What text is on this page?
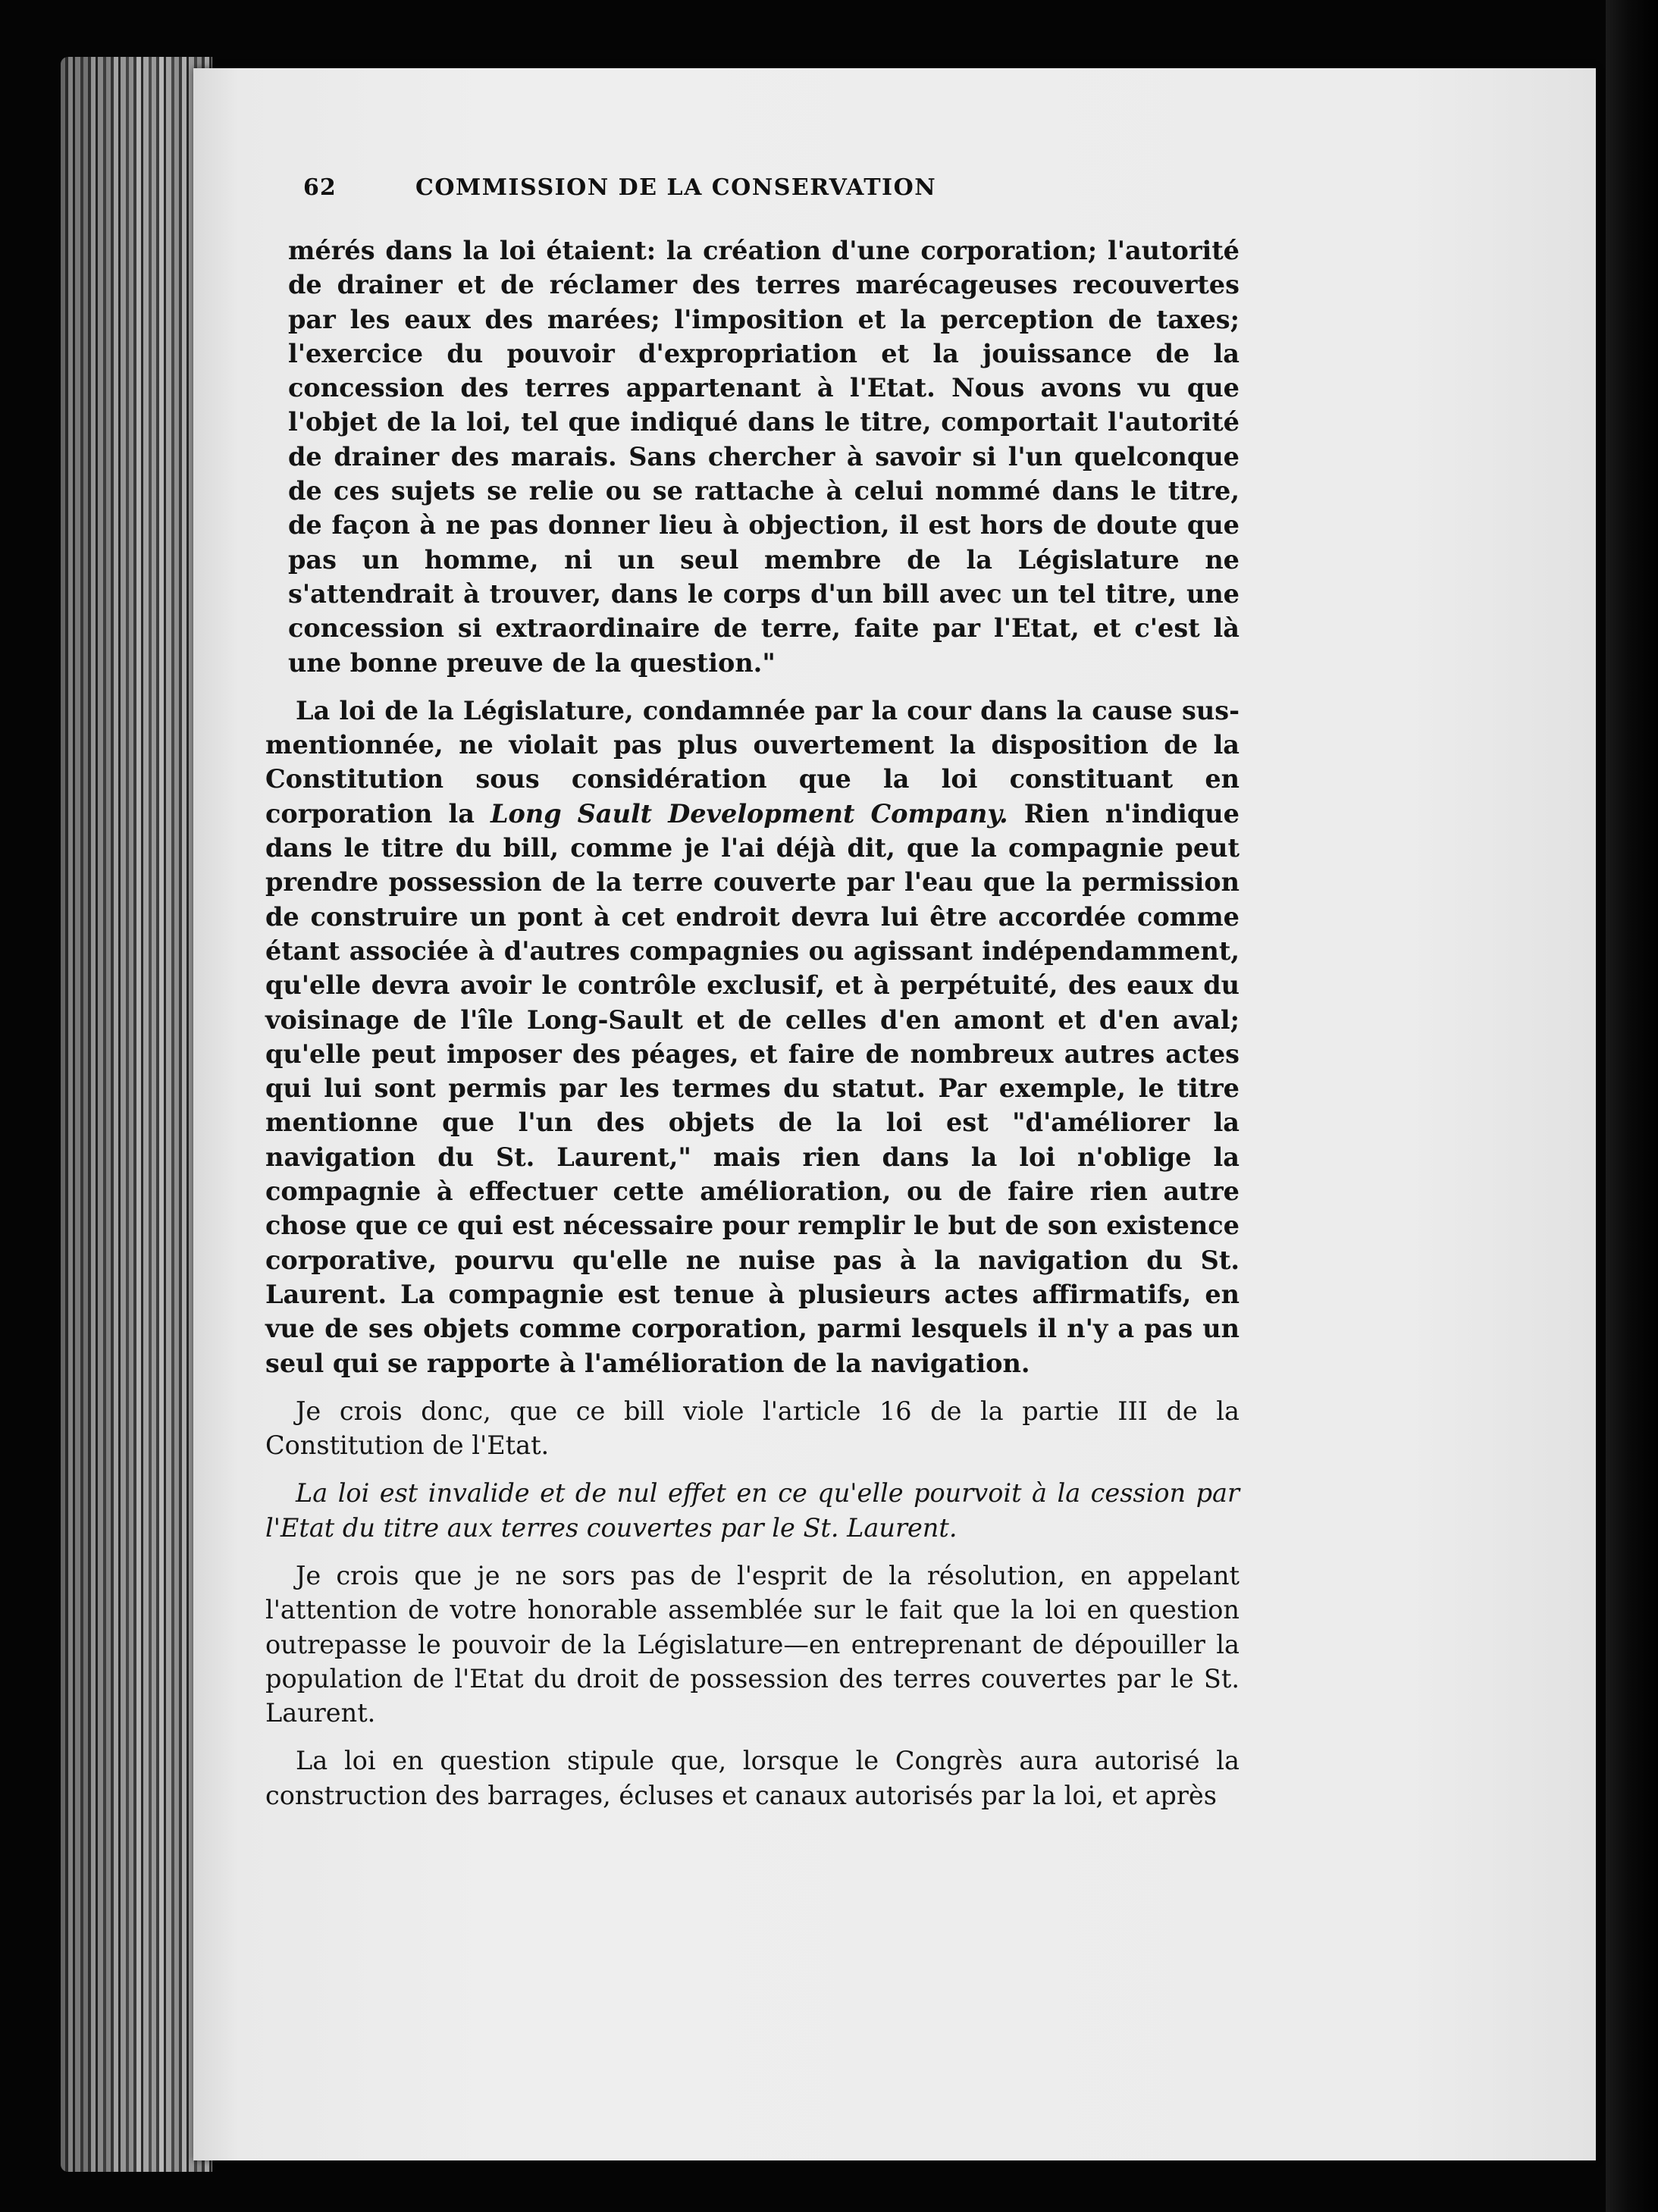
62	COMMISSION DE LA CONSERVATION

mérés dans la loi étaient: la création d'une corporation; l'autorité de drainer et de réclamer des terres marécageuses recouvertes par les eaux des marées; l'imposition et la perception de taxes; l'exercice du pouvoir d'expropriation et la jouissance de la concession des terres appartenant à l'Etat. Nous avons vu que l'objet de la loi, tel que indiqué dans le titre, comportait l'autorité de drainer des marais. Sans chercher à savoir si l'un quelconque de ces sujets se relie ou se rattache à celui nommé dans le titre, de façon à ne pas donner lieu à objection, il est hors de doute que pas un homme, ni un seul membre de la Législature ne s'attendrait à trouver, dans le corps d'un bill avec un tel titre, une concession si extraordinaire de terre, faite par l'Etat, et c'est là une bonne preuve de la question."

La loi de la Législature, condamnée par la cour dans la cause sus-mentionnée, ne violait pas plus ouvertement la disposition de la Constitution sous considération que la loi constituant en corporation la Long Sault Development Company. Rien n'indique dans le titre du bill, comme je l'ai déjà dit, que la compagnie peut prendre possession de la terre couverte par l'eau que la permission de construire un pont à cet endroit devra lui être accordée comme étant associée à d'autres compagnies ou agissant indépendamment, qu'elle devra avoir le contrôle exclusif, et à perpétuité, des eaux du voisinage de l'île Long-Sault et de celles d'en amont et d'en aval; qu'elle peut imposer des péages, et faire de nombreux autres actes qui lui sont permis par les termes du statut. Par exemple, le titre mentionne que l'un des objets de la loi est "d'améliorer la navigation du St. Laurent," mais rien dans la loi n'oblige la compagnie à effectuer cette amélioration, ou de faire rien autre chose que ce qui est nécessaire pour remplir le but de son existence corporative, pourvu qu'elle ne nuise pas à la navigation du St. Laurent. La compagnie est tenue à plusieurs actes affirmatifs, en vue de ses objets comme corporation, parmi lesquels il n'y a pas un seul qui se rapporte à l'amélioration de la navigation.

Je crois donc, que ce bill viole l'article 16 de la partie III de la Constitution de l'Etat.

La loi est invalide et de nul effet en ce qu'elle pourvoit à la cession par l'Etat du titre aux terres couvertes par le St. Laurent.

Je crois que je ne sors pas de l'esprit de la résolution, en appelant l'attention de votre honorable assemblée sur le fait que la loi en question outrepasse le pouvoir de la Législature—en entreprenant de dépouiller la population de l'Etat du droit de possession des terres couvertes par le St. Laurent.

La loi en question stipule que, lorsque le Congrès aura autorisé la construction des barrages, écluses et canaux autorisés par la loi, et après
